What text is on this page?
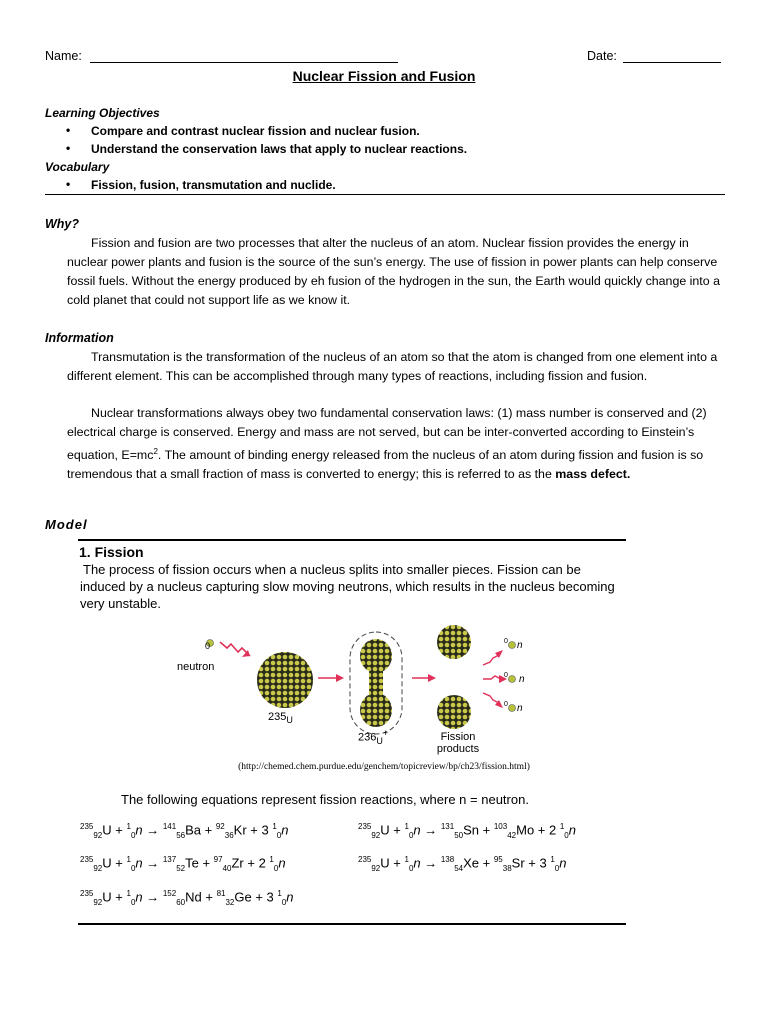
Name:	Date:
Nuclear Fission and Fusion
Learning Objectives
• Compare and contrast nuclear fission and nuclear fusion.
• Understand the conservation laws that apply to nuclear reactions.
Vocabulary
• Fission, fusion, transmutation and nuclide.
Why?
Fission and fusion are two processes that alter the nucleus of an atom. Nuclear fission provides the energy in nuclear power plants and fusion is the source of the sun’s energy. The use of fission in power plants can help conserve fossil fuels. Without the energy produced by eh fusion of the hydrogen in the sun, the Earth would quickly change into a cold planet that could not support life as we know it.
Information
Transmutation is the transformation of the nucleus of an atom so that the atom is changed from one element into a different element. This can be accomplished through many types of reactions, including fission and fusion.
Nuclear transformations always obey two fundamental conservation laws: (1) mass number is conserved and (2) electrical charge is conserved. Energy and mass are not served, but can be inter-converted according to Einstein’s equation, $E=mc^2$. The amount of binding energy released from the nucleus of an atom during fission and fusion is so tremendous that a small fraction of mass is converted to energy; this is referred to as the mass defect.
Model
1. Fission
The process of fission occurs when a nucleus splits into smaller pieces. Fission can be induced by a nucleus capturing slow moving neutrons, which results in the nucleus becoming very unstable.
0
neutron
$235_U$
$236_U^+$	Fission
products
n
n
n
0
0
0
(http://chemed.chem.purdue.edu/genchem/topicreview/bp/ch23/fission.html)
The following equations represent fission reactions, where n = neutron.
$^{235}_{92}$U + $^1_0$n → $^{141}_{56}$Ba + $^{92}_{36}$Kr + 3 $^1_0$n	$^{235}_{92}$U + $^1_0$n → $^{131}_{50}$Sn + $^{103}_{42}$Mo + 2 $^1_0$n
$^{235}_{92}$U + $^1_0$n → $^{137}_{52}$Te + $^{97}_{40}$Zr + 2 $^1_0$n	$^{235}_{92}$U + $^1_0$n → $^{138}_{54}$Xe + $^{95}_{38}$Sr + 3 $^1_0$n
$^{235}_{92}$U + $^1_0$n → $^{152}_{60}$Nd + $^{81}_{32}$Ge + 3 $^1_0$n
